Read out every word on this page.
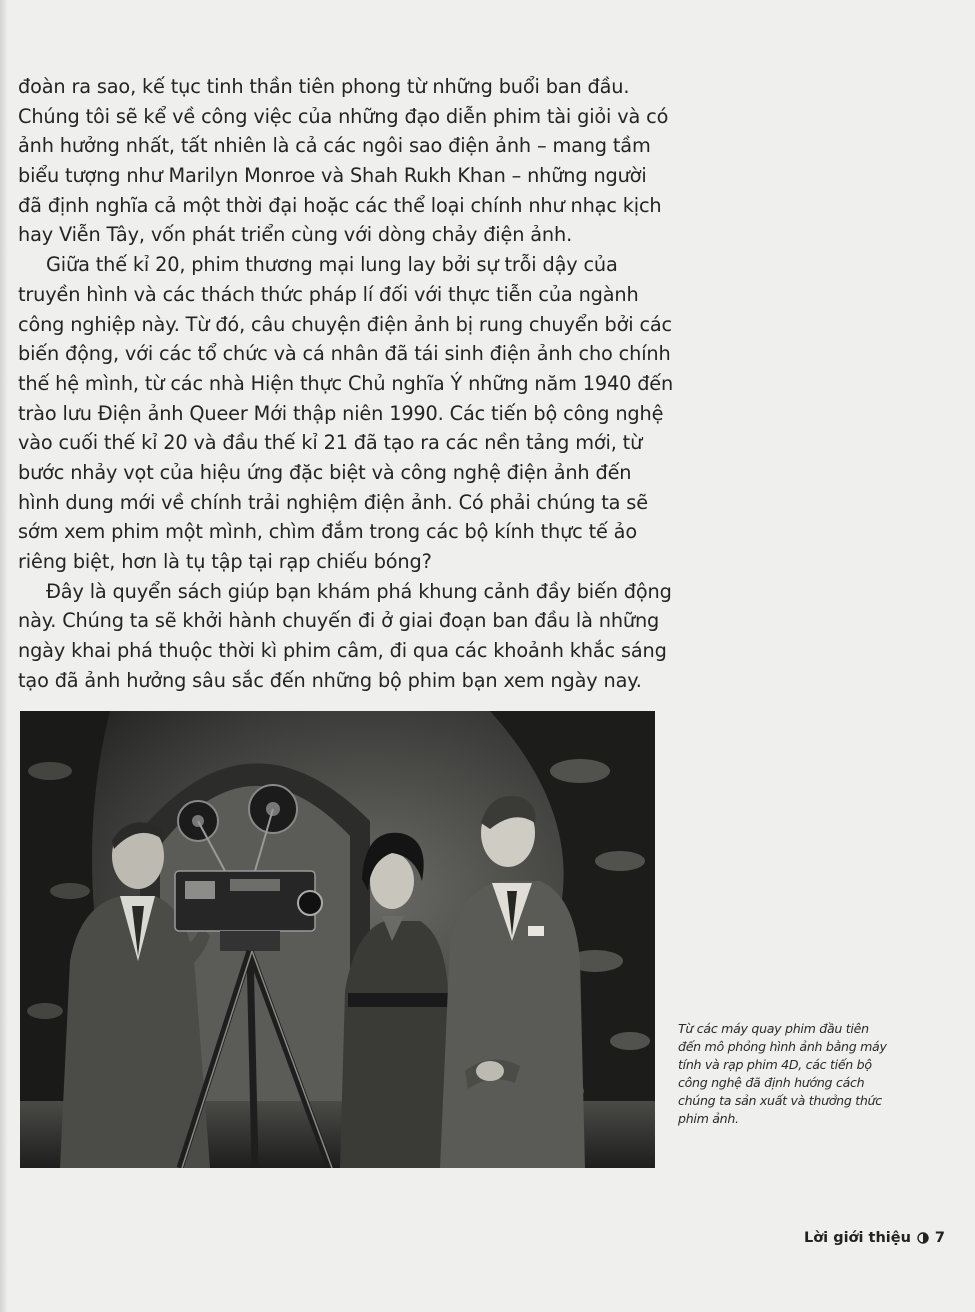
đoàn ra sao, kế tục tinh thần tiên phong từ những buổi ban đầu.
Chúng tôi sẽ kể về công việc của những đạo diễn phim tài giỏi và có
ảnh hưởng nhất, tất nhiên là cả các ngôi sao điện ảnh – mang tầm
biểu tượng như Marilyn Monroe và Shah Rukh Khan – những người
đã định nghĩa cả một thời đại hoặc các thể loại chính như nhạc kịch
hay Viễn Tây, vốn phát triển cùng với dòng chảy điện ảnh.
Giữa thế kỉ 20, phim thương mại lung lay bởi sự trỗi dậy của
truyền hình và các thách thức pháp lí đối với thực tiễn của ngành
công nghiệp này. Từ đó, câu chuyện điện ảnh bị rung chuyển bởi các
biến động, với các tổ chức và cá nhân đã tái sinh điện ảnh cho chính
thế hệ mình, từ các nhà Hiện thực Chủ nghĩa Ý những năm 1940 đến
trào lưu Điện ảnh Queer Mới thập niên 1990. Các tiến bộ công nghệ
vào cuối thế kỉ 20 và đầu thế kỉ 21 đã tạo ra các nền tảng mới, từ
bước nhảy vọt của hiệu ứng đặc biệt và công nghệ điện ảnh đến
hình dung mới về chính trải nghiệm điện ảnh. Có phải chúng ta sẽ
sớm xem phim một mình, chìm đắm trong các bộ kính thực tế ảo
riêng biệt, hơn là tụ tập tại rạp chiếu bóng?
Đây là quyển sách giúp bạn khám phá khung cảnh đầy biến động
này. Chúng ta sẽ khởi hành chuyến đi ở giai đoạn ban đầu là những
ngày khai phá thuộc thời kì phim câm, đi qua các khoảnh khắc sáng
tạo đã ảnh hưởng sâu sắc đến những bộ phim bạn xem ngày nay.
Từ các máy quay phim đầu tiên
đến mô phỏng hình ảnh bằng máy
tính và rạp phim 4D, các tiến bộ
công nghệ đã định hướng cách
chúng ta sản xuất và thưởng thức
phim ảnh.
Lời giới thiệu 7
